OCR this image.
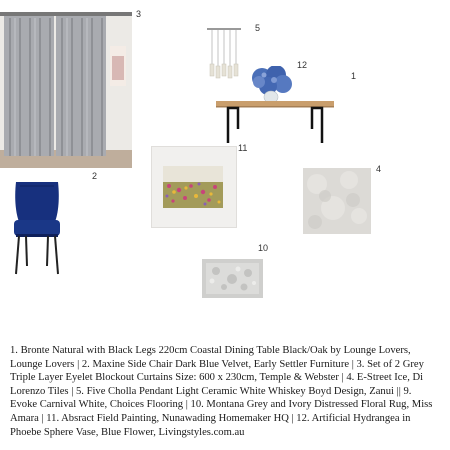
3
2
5
12
1
11
4
10

1. Bronte Natural with Black Legs 220cm Coastal Dining Table Black/Oak by Lounge Lovers, Lounge Lovers | 2. Maxine Side Chair Dark Blue Velvet, Early Settler Furniture | 3. Set of 2 Grey Triple Layer Eyelet Blockout Curtains Size: 600 x 230cm, Temple & Webster | 4. E-Street Ice, Di Lorenzo Tiles | 5. Five Cholla Pendant Light Ceramic White Whiskey Boyd Design, Zanui || 9. Evoke Carnival White, Choices Flooring | 10. Montana Grey and Ivory Distressed Floral Rug, Miss Amara | 11. Absract Field Painting, Nunawading Homemaker HQ | 12. Artificial Hydrangea in Phoebe Sphere Vase, Blue Flower, Livingstyles.com.au
